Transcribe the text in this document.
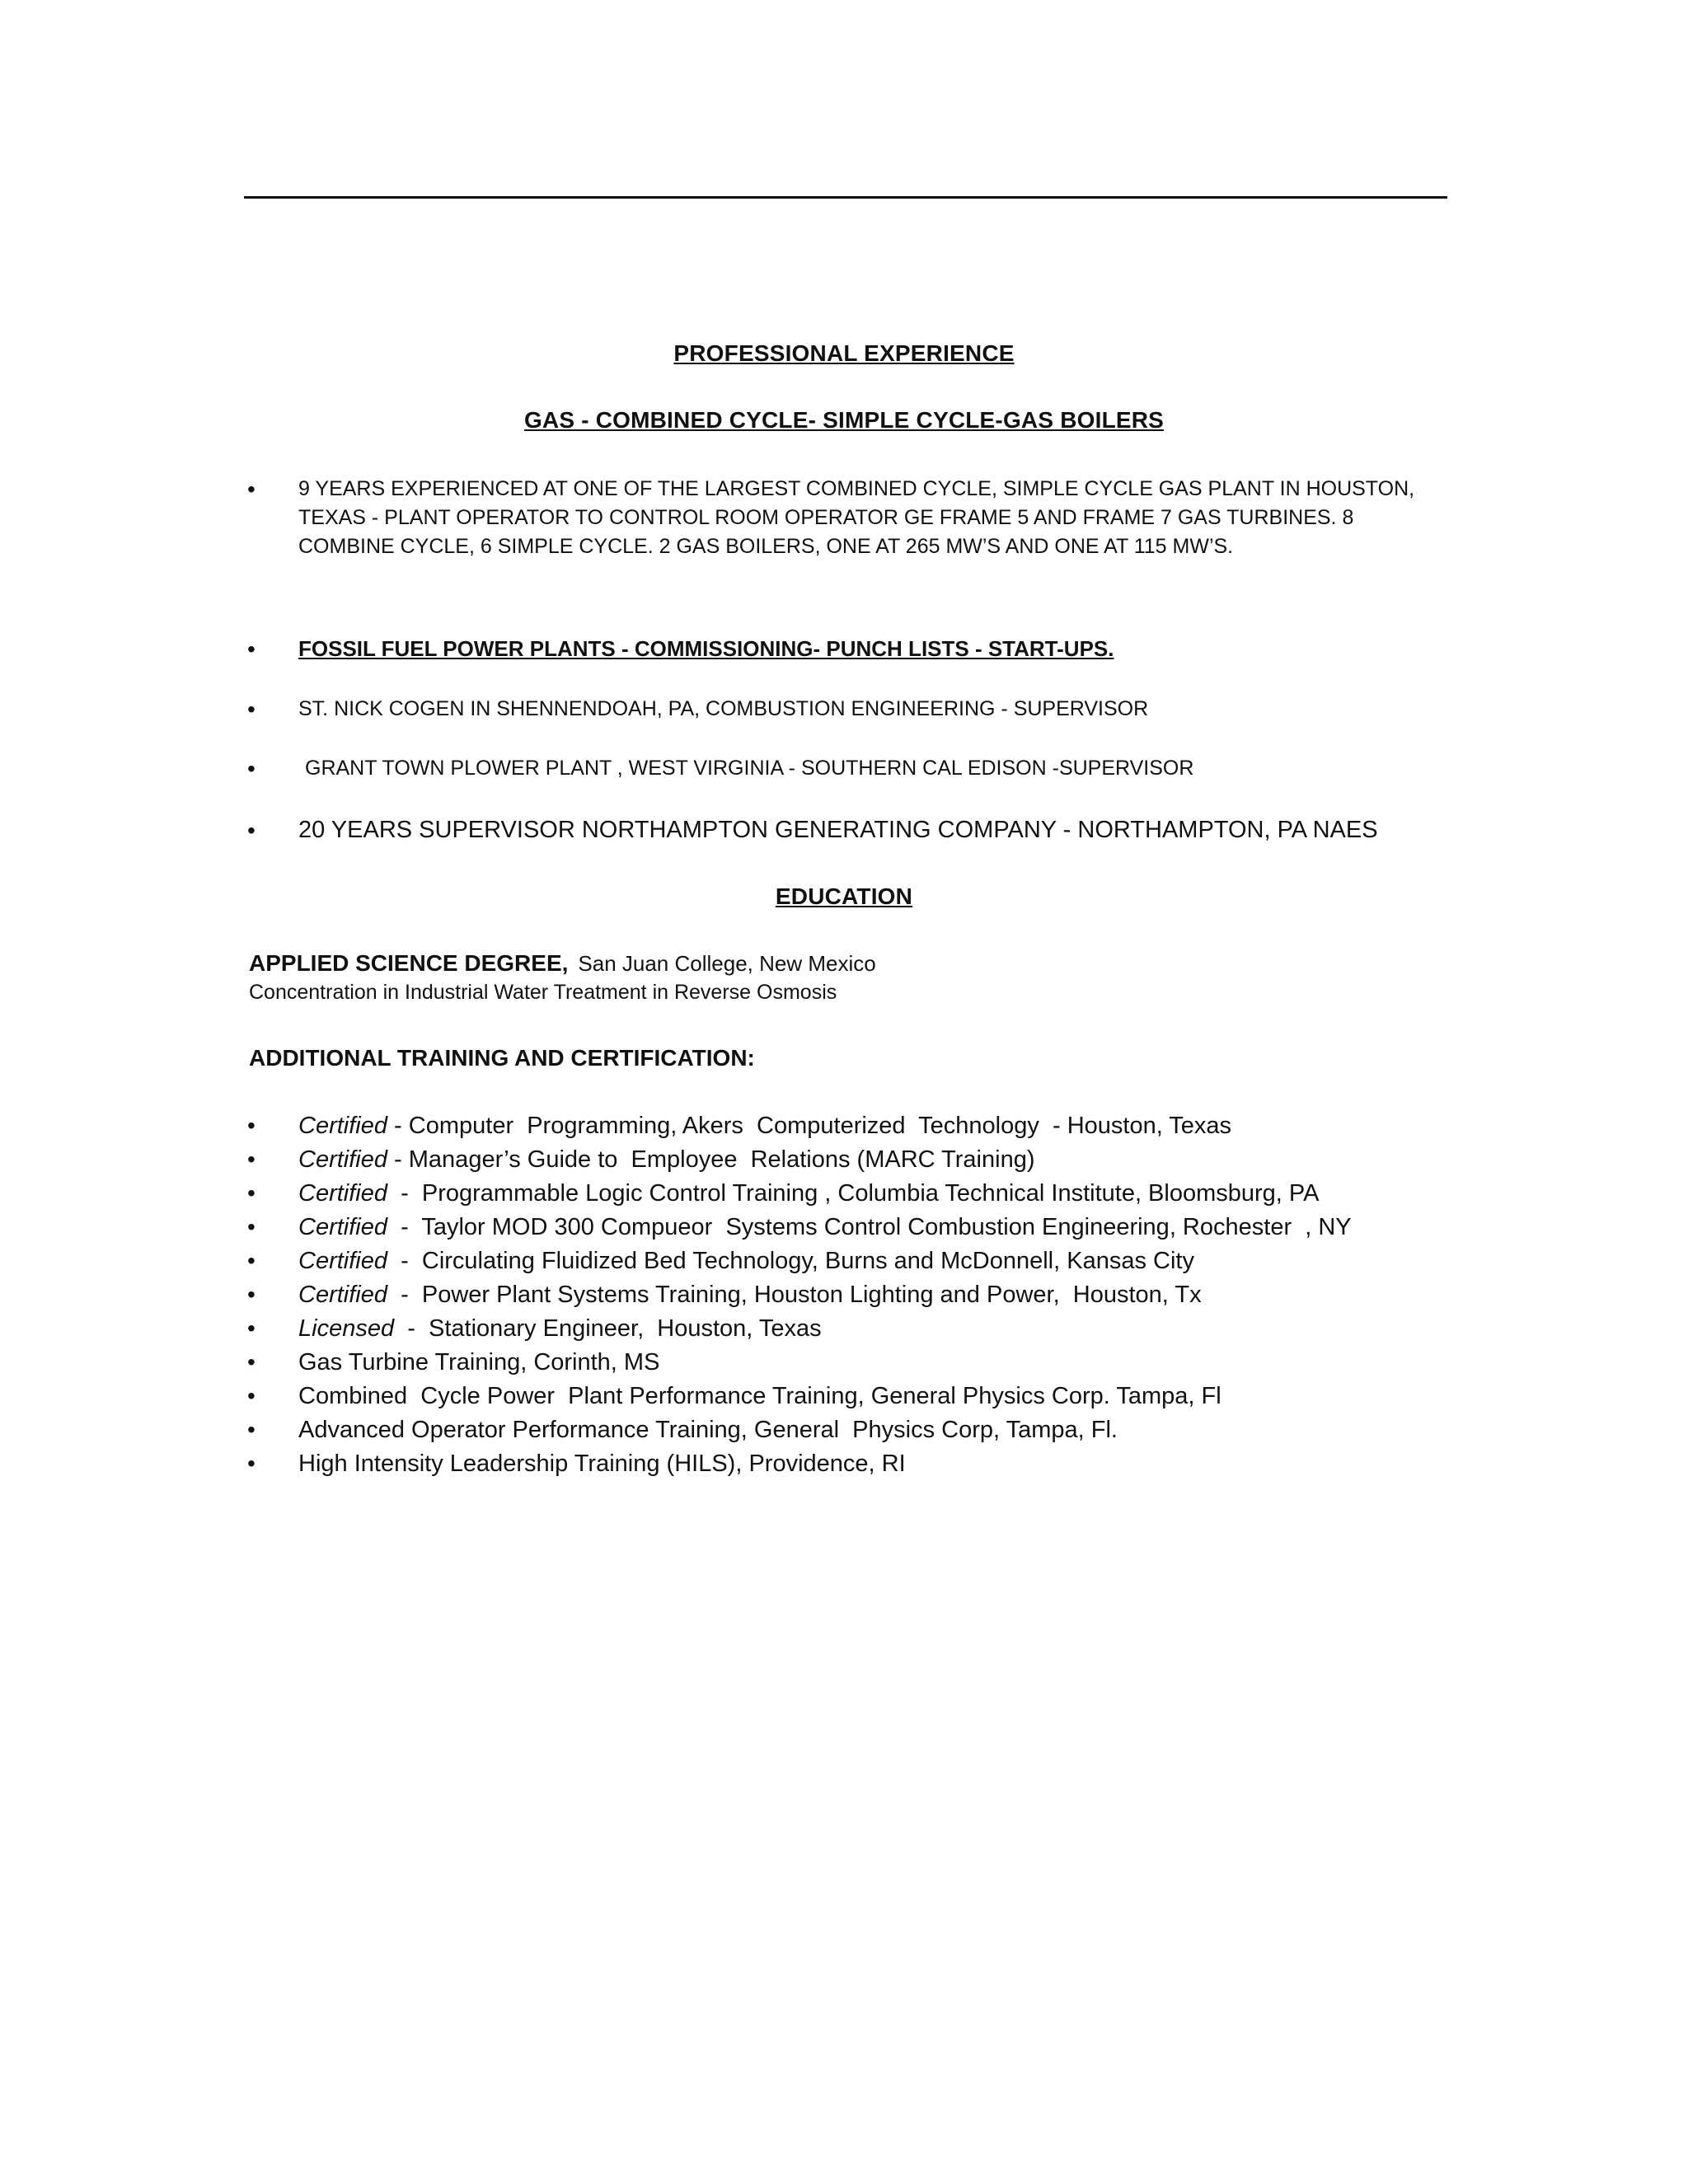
PROFESSIONAL EXPERIENCE
GAS - COMBINED CYCLE- SIMPLE CYCLE-GAS BOILERS
•	9 YEARS EXPERIENCED AT ONE OF THE LARGEST COMBINED CYCLE, SIMPLE CYCLE GAS PLANT IN HOUSTON, TEXAS - PLANT OPERATOR TO CONTROL ROOM OPERATOR GE FRAME 5 AND FRAME 7 GAS TURBINES. 8 COMBINE CYCLE, 6 SIMPLE CYCLE. 2 GAS BOILERS, ONE AT 265 MW’S AND ONE AT 115 MW’S.
•	FOSSIL FUEL POWER PLANTS - COMMISSIONING- PUNCH LISTS - START-UPS.
•	ST. NICK COGEN IN SHENNENDOAH, PA, COMBUSTION ENGINEERING - SUPERVISOR
•	GRANT TOWN PLOWER PLANT , WEST VIRGINIA - SOUTHERN CAL EDISON -SUPERVISOR
•	20 YEARS SUPERVISOR NORTHAMPTON GENERATING COMPANY - NORTHAMPTON, PA NAES
EDUCATION
APPLIED SCIENCE DEGREE, San Juan College, New Mexico
Concentration in Industrial Water Treatment in Reverse Osmosis
ADDITIONAL TRAINING AND CERTIFICATION:
•	Certified - Computer  Programming, Akers  Computerized  Technology  - Houston, Texas
•	Certified - Manager’s Guide to  Employee  Relations (MARC Training)
•	Certified  -  Programmable Logic Control Training , Columbia Technical Institute, Bloomsburg, PA
•	Certified  -  Taylor MOD 300 Compueor  Systems Control Combustion Engineering, Rochester  , NY
•	Certified  -  Circulating Fluidized Bed Technology, Burns and McDonnell, Kansas City
•	Certified  -  Power Plant Systems Training, Houston Lighting and Power,  Houston, Tx
•	Licensed  -  Stationary Engineer,  Houston, Texas
•	Gas Turbine Training, Corinth, MS
•	Combined  Cycle Power  Plant Performance Training, General Physics Corp. Tampa, Fl
•	Advanced Operator Performance Training, General  Physics Corp, Tampa, Fl.
•	High Intensity Leadership Training (HILS), Providence, RI
